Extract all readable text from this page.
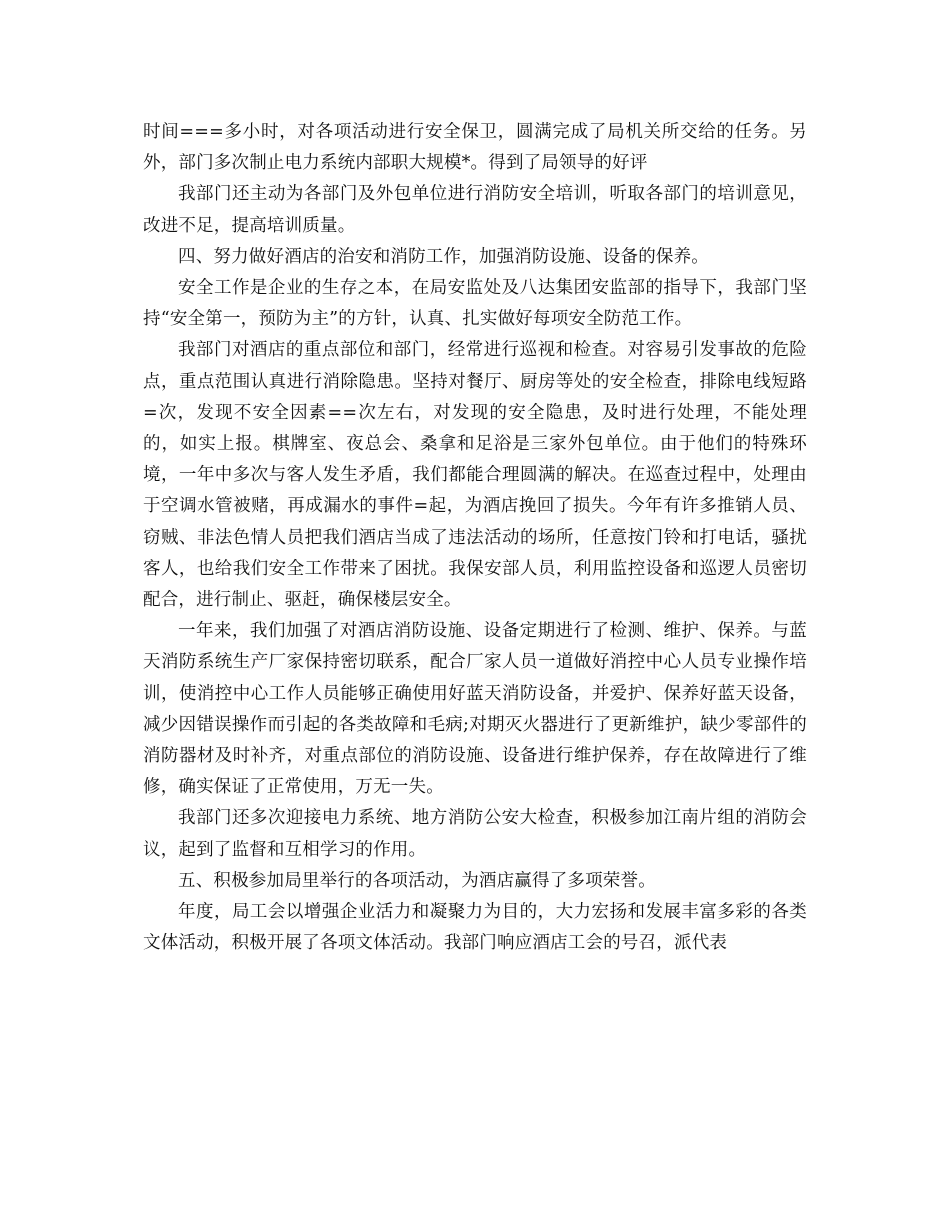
时间===多小时，对各项活动进行安全保卫，圆满完成了局机关所交给的任务。另外，部门多次制止电力系统内部职大规模*。得到了局领导的好评

我部门还主动为各部门及外包单位进行消防安全培训，听取各部门的培训意见，改进不足，提高培训质量。

四、努力做好酒店的治安和消防工作，加强消防设施、设备的保养。

安全工作是企业的生存之本，在局安监处及八达集团安监部的指导下，我部门坚持“安全第一，预防为主”的方针，认真、扎实做好每项安全防范工作。

我部门对酒店的重点部位和部门，经常进行巡视和检查。对容易引发事故的危险点，重点范围认真进行消除隐患。坚持对餐厅、厨房等处的安全检查，排除电线短路=次，发现不安全因素==次左右，对发现的安全隐患，及时进行处理，不能处理的，如实上报。棋牌室、夜总会、桑拿和足浴是三家外包单位。由于他们的特殊环境，一年中多次与客人发生矛盾，我们都能合理圆满的解决。在巡查过程中，处理由于空调水管被赌，再成漏水的事件=起，为酒店挽回了损失。今年有许多推销人员、窃贼、非法色情人员把我们酒店当成了违法活动的场所，任意按门铃和打电话，骚扰客人，也给我们安全工作带来了困扰。我保安部人员，利用监控设备和巡逻人员密切配合，进行制止、驱赶，确保楼层安全。

一年来，我们加强了对酒店消防设施、设备定期进行了检测、维护、保养。与蓝天消防系统生产厂家保持密切联系，配合厂家人员一道做好消控中心人员专业操作培训，使消控中心工作人员能够正确使用好蓝天消防设备，并爱护、保养好蓝天设备，减少因错误操作而引起的各类故障和毛病;对期灭火器进行了更新维护，缺少零部件的消防器材及时补齐，对重点部位的消防设施、设备进行维护保养，存在故障进行了维修，确实保证了正常使用，万无一失。

我部门还多次迎接电力系统、地方消防公安大检查，积极参加江南片组的消防会议，起到了监督和互相学习的作用。

五、积极参加局里举行的各项活动，为酒店赢得了多项荣誉。

年度，局工会以增强企业活力和凝聚力为目的，大力宏扬和发展丰富多彩的各类文体活动，积极开展了各项文体活动。我部门响应酒店工会的号召，派代表
